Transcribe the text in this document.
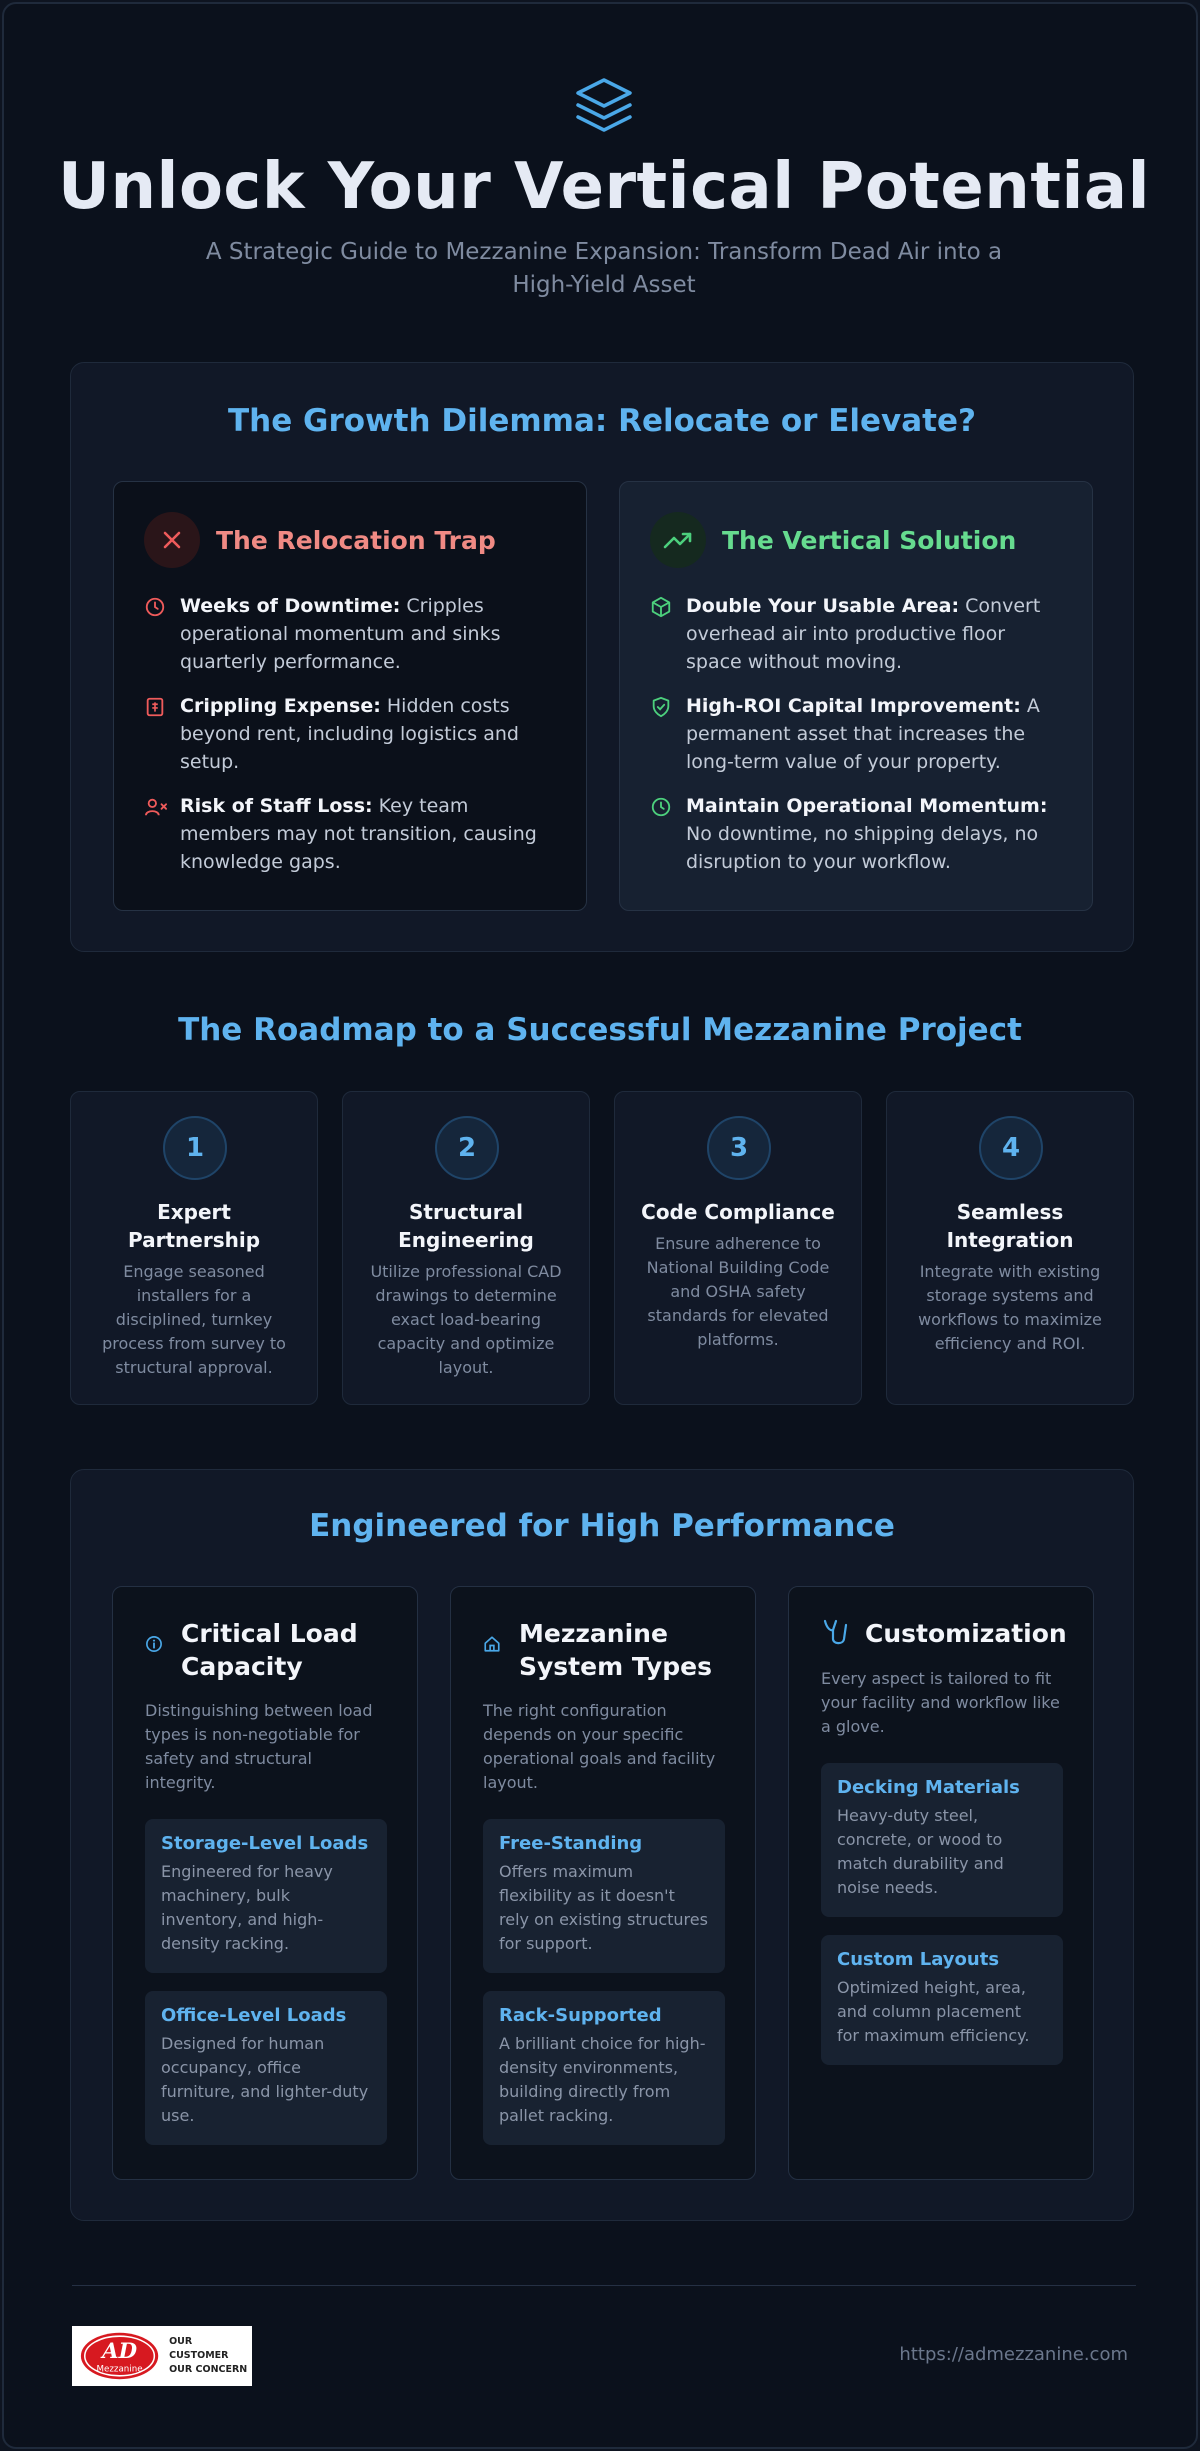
Unlock Your Vertical Potential
A Strategic Guide to Mezzanine Expansion: Transform Dead Air into a High-Yield Asset
The Growth Dilemma: Relocate or Elevate?
The Relocation Trap
Weeks of Downtime: Cripples operational momentum and sinks quarterly performance.
Crippling Expense: Hidden costs beyond rent, including logistics and setup.
Risk of Staff Loss: Key team members may not transition, causing knowledge gaps.
The Vertical Solution
Double Your Usable Area: Convert overhead air into productive floor space without moving.
High-ROI Capital Improvement: A permanent asset that increases the long-term value of your property.
Maintain Operational Momentum: No downtime, no shipping delays, no disruption to your workflow.
The Roadmap to a Successful Mezzanine Project
1
Expert Partnership
Engage seasoned installers for a disciplined, turnkey process from survey to structural approval.
2
Structural Engineering
Utilize professional CAD drawings to determine exact load-bearing capacity and optimize layout.
3
Code Compliance
Ensure adherence to National Building Code and OSHA safety standards for elevated platforms.
4
Seamless Integration
Integrate with existing storage systems and workflows to maximize efficiency and ROI.
Engineered for High Performance
Critical Load Capacity
Distinguishing between load types is non-negotiable for safety and structural integrity.
Storage-Level Loads
Engineered for heavy machinery, bulk inventory, and high-density racking.
Office-Level Loads
Designed for human occupancy, office furniture, and lighter-duty use.
Mezzanine System Types
The right configuration depends on your specific operational goals and facility layout.
Free-Standing
Offers maximum flexibility as it doesn't rely on existing structures for support.
Rack-Supported
A brilliant choice for high-density environments, building directly from pallet racking.
Customization
Every aspect is tailored to fit your facility and workflow like a glove.
Decking Materials
Heavy-duty steel, concrete, or wood to match durability and noise needs.
Custom Layouts
Optimized height, area, and column placement for maximum efficiency.
AD
Mezzanine
OUR CUSTOMER
OUR CONCERN
https://admezzanine.com
